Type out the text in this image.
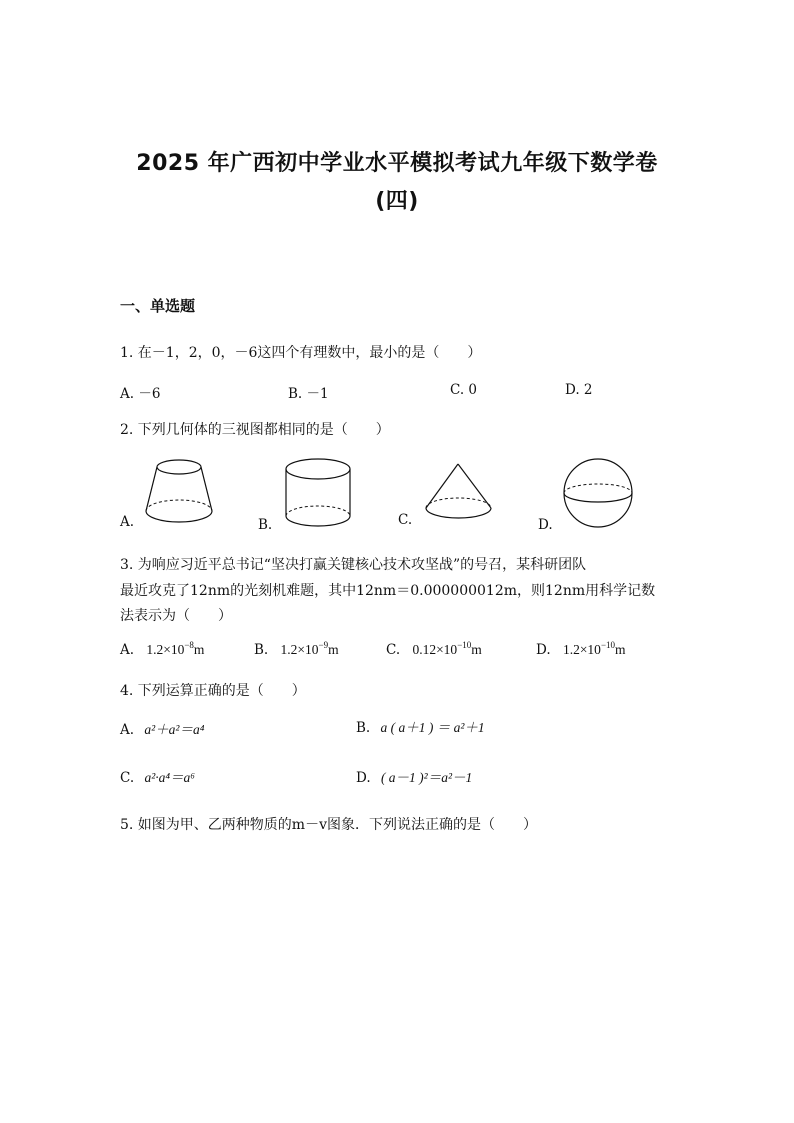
2025 年广西初中学业水平模拟考试九年级下数学卷
(四)
一、单选题
1. 在－1，2，0，－6这四个有理数中，最小的是（　　）
A. －6	B. －1	C. 0	D. 2
2. 下列几何体的三视图都相同的是（　　）
A.	B.	C.	D.
3. 为响应习近平总书记“坚决打赢关键核心技术攻坚战”的号召，某科研团队
最近攻克了12nm的光刻机难题，其中12nm＝0.000000012m，则12nm用科学记数
法表示为（　　）
A. $1.2\times 10^{-8}m$	B. $1.2\times 10^{-9}m$	C. $0.12\times 10^{-10}m$	D. $1.2\times 10^{-10}m$
4. 下列运算正确的是（　　）
A. a²＋a²＝a⁴	B. a ( a＋1 ) ＝ a²＋1
C. a²·a⁴＝a⁶	D. ( a－1 )²＝a²－1
5. 如图为甲、乙两种物质的m－v图象．下列说法正确的是（　　）
